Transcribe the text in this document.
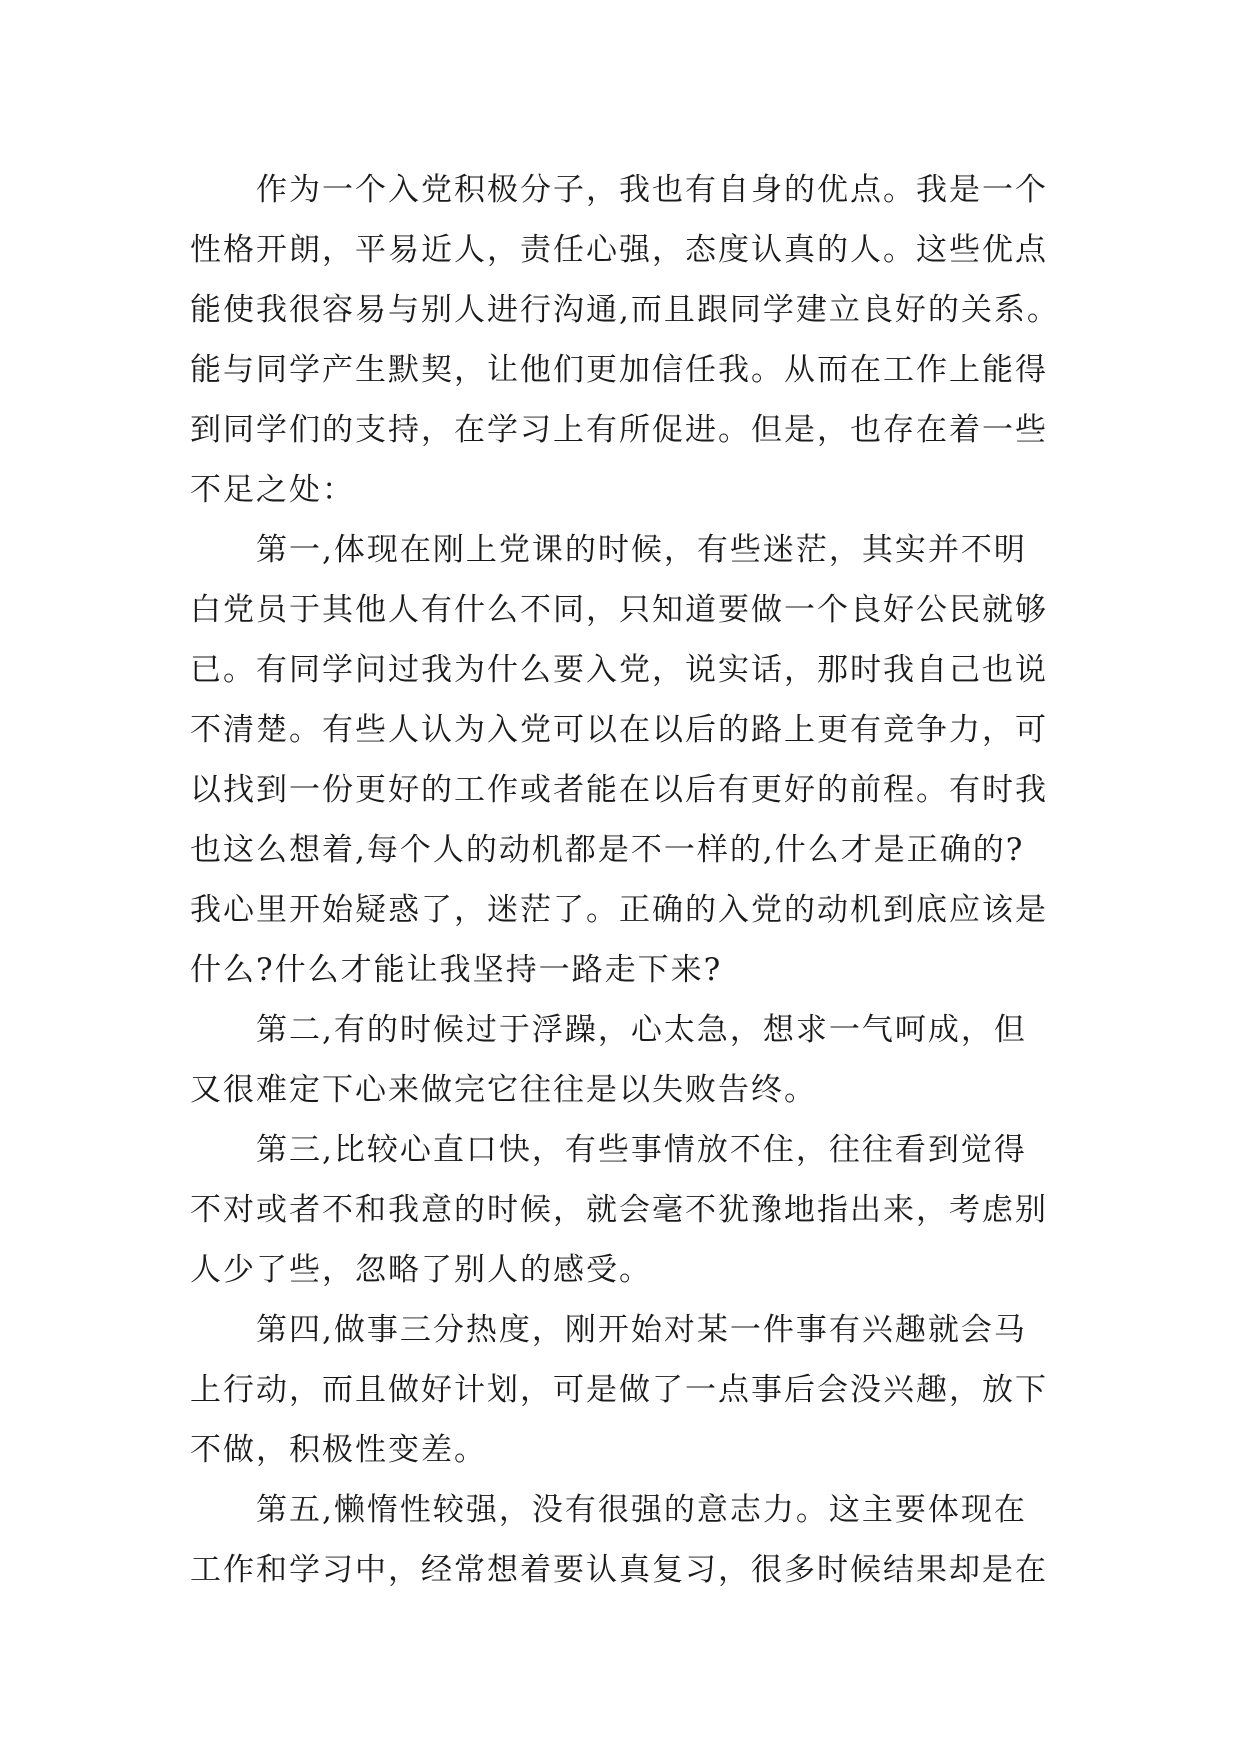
作为一个入党积极分子，我也有自身的优点。我是一个
性格开朗，平易近人，责任心强，态度认真的人。这些优点
能使我很容易与别人进行沟通,而且跟同学建立良好的关系。
能与同学产生默契，让他们更加信任我。从而在工作上能得
到同学们的支持，在学习上有所促进。但是，也存在着一些
不足之处：
第一,体现在刚上党课的时候，有些迷茫，其实并不明
白党员于其他人有什么不同，只知道要做一个良好公民就够
已。有同学问过我为什么要入党，说实话，那时我自己也说
不清楚。有些人认为入党可以在以后的路上更有竞争力，可
以找到一份更好的工作或者能在以后有更好的前程。有时我
也这么想着,每个人的动机都是不一样的,什么才是正确的?
我心里开始疑惑了，迷茫了。正确的入党的动机到底应该是
什么?什么才能让我坚持一路走下来?
第二,有的时候过于浮躁，心太急，想求一气呵成，但
又很难定下心来做完它往往是以失败告终。
第三,比较心直口快，有些事情放不住，往往看到觉得
不对或者不和我意的时候，就会毫不犹豫地指出来，考虑别
人少了些，忽略了别人的感受。
第四,做事三分热度，刚开始对某一件事有兴趣就会马
上行动，而且做好计划，可是做了一点事后会没兴趣，放下
不做，积极性变差。
第五,懒惰性较强，没有很强的意志力。这主要体现在
工作和学习中，经常想着要认真复习，很多时候结果却是在
